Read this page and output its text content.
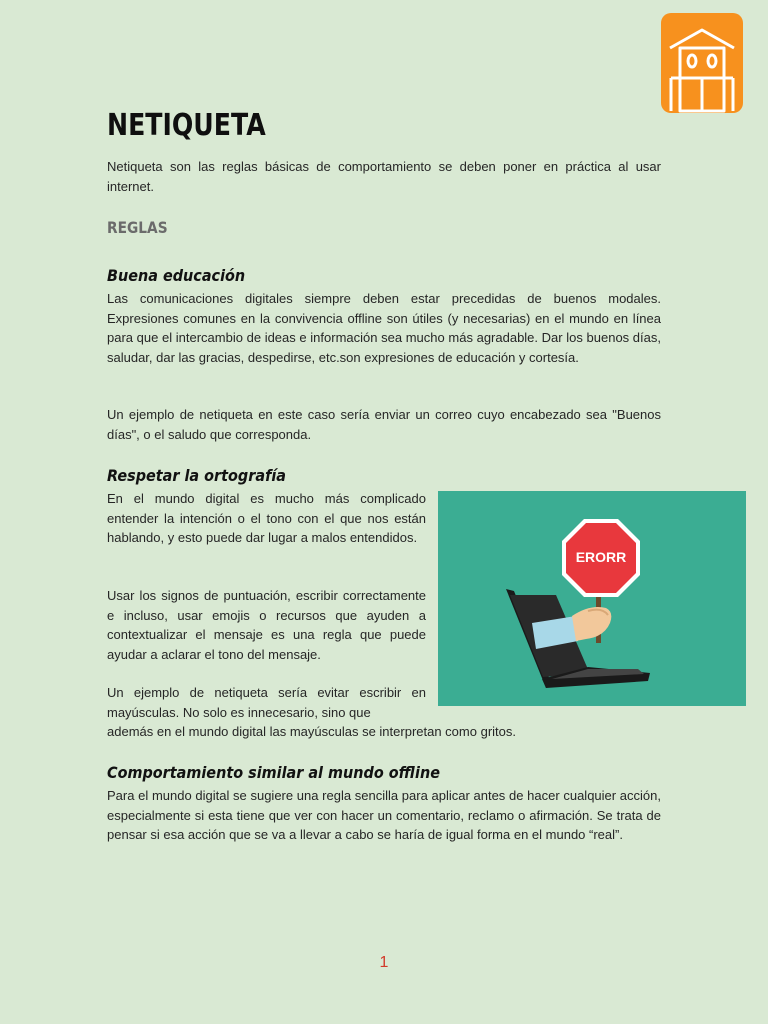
NETIQUETA

Netiqueta son las reglas básicas de comportamiento se deben poner en práctica al usar internet.

REGLAS
Buena educación

Las comunicaciones digitales siempre deben estar precedidas de buenos modales. Expresiones comunes en la convivencia offline son útiles (y necesarias) en el mundo en línea para que el intercambio de ideas e información sea mucho más agradable. Dar los buenos días, saludar, dar las gracias, despedirse, etc.son expresiones de educación y cortesía.

Un ejemplo de netiqueta en este caso sería enviar un correo cuyo encabezado sea "Buenos días", o el saludo que corresponda.

Respetar la ortografía

En el mundo digital es mucho más complicado entender la intención o el tono con el que nos están hablando, y esto puede dar lugar a malos entendidos.

Usar los signos de puntuación, escribir correctamente e incluso, usar emojis o recursos que ayuden a contextualizar el mensaje es una regla que puede ayudar a aclarar el tono del mensaje.

Un ejemplo de netiqueta sería evitar escribir en mayúsculas. No solo es innecesario, sino que

además en el mundo digital las mayúsculas se interpretan como gritos.

ERORR
Comportamiento similar al mundo offline

Para el mundo digital se sugiere una regla sencilla para aplicar antes de hacer cualquier acción, especialmente si esta tiene que ver con hacer un comentario, reclamo o afirmación. Se trata de pensar si esa acción que se va a llevar a cabo se haría de igual forma en el mundo “real”.

1
